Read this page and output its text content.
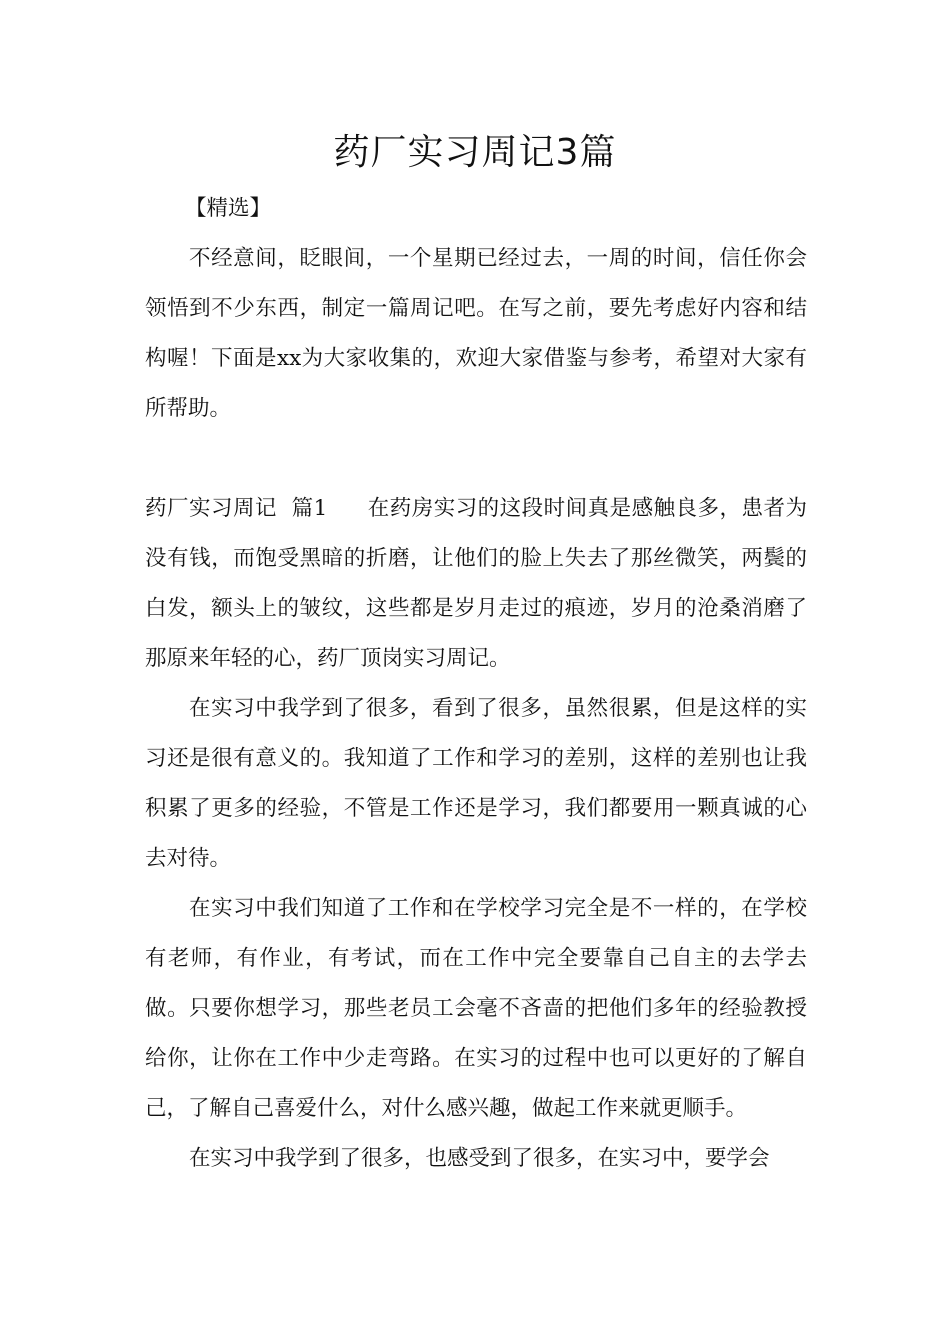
药厂实习周记3篇

【精选】

不经意间，眨眼间，一个星期已经过去，一周的时间，信任你会领悟到不少东西，制定一篇周记吧。在写之前，要先考虑好内容和结构喔！下面是xx为大家收集的，欢迎大家借鉴与参考，希望对大家有所帮助。

药厂实习周记 篇1 在药房实习的这段时间真是感触良多，患者为没有钱，而饱受黑暗的折磨，让他们的脸上失去了那丝微笑，两鬓的白发，额头上的皱纹，这些都是岁月走过的痕迹，岁月的沧桑消磨了那原来年轻的心，药厂顶岗实习周记。

在实习中我学到了很多，看到了很多，虽然很累，但是这样的实习还是很有意义的。我知道了工作和学习的差别，这样的差别也让我积累了更多的经验，不管是工作还是学习，我们都要用一颗真诚的心去对待。

在实习中我们知道了工作和在学校学习完全是不一样的，在学校有老师，有作业，有考试，而在工作中完全要靠自己自主的去学去做。只要你想学习，那些老员工会毫不吝啬的把他们多年的经验教授给你，让你在工作中少走弯路。在实习的过程中也可以更好的了解自己，了解自己喜爱什么，对什么感兴趣，做起工作来就更顺手。

在实习中我学到了很多，也感受到了很多，在实习中，要学会
